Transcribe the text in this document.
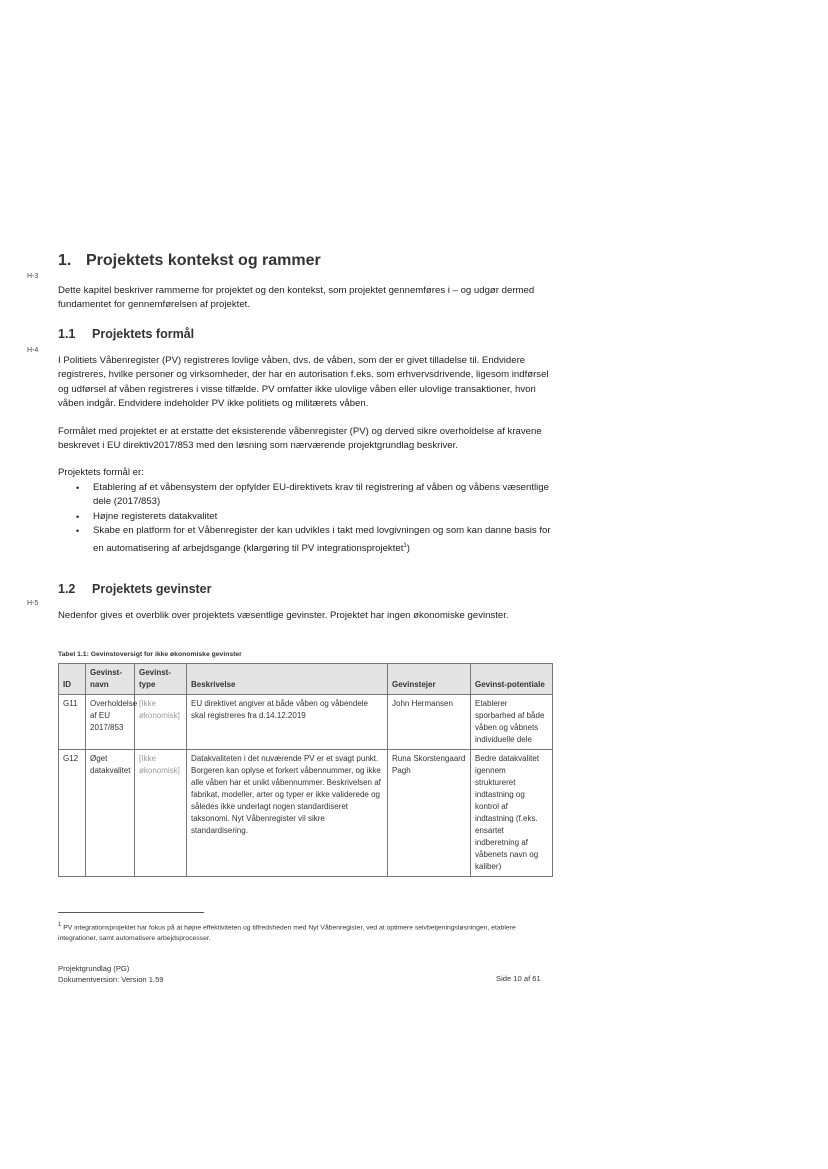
H-3
H-4
H-5
1. Projektets kontekst og rammer
Dette kapitel beskriver rammerne for projektet og den kontekst, som projektet gennemføres i – og udgør dermed fundamentet for gennemførelsen af projektet.
1.1 Projektets formål
I Politiets Våbenregister (PV) registreres lovlige våben, dvs. de våben, som der er givet tilladelse til. Endvidere registreres, hvilke personer og virksomheder, der har en autorisation f.eks. som erhvervsdrivende, ligesom indførsel og udførsel af våben registreres i visse tilfælde. PV omfatter ikke ulovlige våben eller ulovlige transaktioner, hvori våben indgår. Endvidere indeholder PV ikke politiets og militærets våben.
Formålet med projektet er at erstatte det eksisterende våbenregister (PV) og derved sikre overholdelse af kravene beskrevet i EU direktiv2017/853 med den løsning som nærværende projektgrundlag beskriver.
Projektets formål er:
• Etablering af et våbensystem der opfylder EU-direktivets krav til registrering af våben og våbens væsentlige dele (2017/853)
• Højne registerets datakvalitet
• Skabe en platform for et Våbenregister der kan udvikles i takt med lovgivningen og som kan danne basis for en automatisering af arbejdsgange (klargøring til PV integrationsprojektet$^1$)
1.2 Projektets gevinster
Nedenfor gives et overblik over projektets væsentlige gevinster. Projektet har ingen økonomiske gevinster.
Tabel 1.1: Gevinstoversigt for ikke økonomiske gevinster
ID	Gevinst-navn	Gevinst-type	Beskrivelse	Gevinstejer	Gevinst-potentiale
G11	Overholdelse af EU 2017/853	[Ikke økonomisk]	EU direktivet angiver at både våben og våbendele skal registreres fra d.14.12.2019	John Hermansen	Etablerer sporbarhed af både våben og våbnets individuelle dele
G12	Øget datakvalitet	[Ikke økonomisk]	Datakvaliteten i det nuværende PV er et svagt punkt. Borgeren kan oplyse et forkert våbennummer, og ikke alle våben har et unikt våbennummer. Beskrivelsen af fabrikat, modeller, arter og typer er ikke validerede og således ikke underlagt nogen standardiseret taksonomi. Nyt Våbenregister vil sikre standardisering.	Runa Skorstengaard Pagh	Bedre datakvalitet igennem struktureret indtastning og kontrol af indtastning (f.eks. ensartet indberetning af våbenets navn og kaliber)
$^1$ PV integrationsprojektet har fokus på at højne effektiviteten og tilfredsheden med Nyt Våbenregister, ved at optimere selvbetjeningsløsningen, etablere integrationer, samt automatisere arbejdsprocesser.
Projektgrundlag (PG)
Dokumentversion: Version 1.59	Side 10 af 61
